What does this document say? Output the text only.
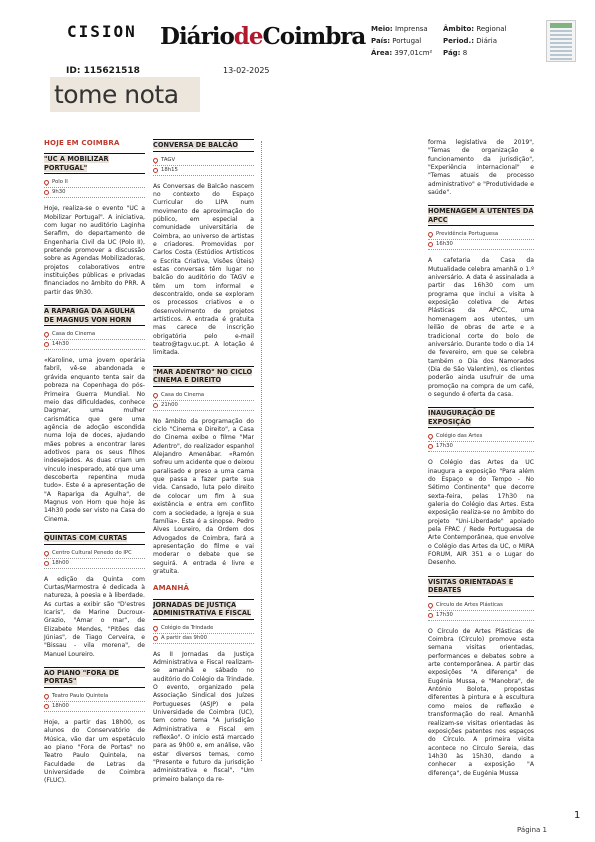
CISION DiáriodeCoimbra Meio: Imprensa
País: Portugal
Área: 397,01cm²
Âmbito: Regional
Period.: Diária
Pág: 8
ID: 115621518	13-02-2025
tome nota
HOJE EM COIMBRA
"UC A MOBILIZAR PORTUGAL"
Polo II
9h30
Hoje, realiza-se o evento "UC a Mobilizar Portugal". A iniciativa, com lugar no auditório Laginha Serafim, do departamento de Engenharia Civil da UC (Polo II), pretende promover a discussão sobre as Agendas Mobilizadoras, projetos colaborativos entre instituições públicas e privadas financiados no âmbito do PRR. A partir das 9h30.
A RAPARIGA DA AGULHA DE MAGNUS VON HORN
Casa do Cinema
14h30
«Karoline, uma jovem operária fabril, vê-se abandonada e grávida enquanto tenta sair da pobreza na Copenhaga do pós-Primeira Guerra Mundial. No meio das dificuldades, conhece Dagmar, uma mulher carismática que gere uma agência de adoção escondida numa loja de doces, ajudando mães pobres a encontrar lares adotivos para os seus filhos indesejados. As duas criam um vínculo inesperado, até que uma descoberta repentina muda tudo». Este é a apresentação de "A Rapariga da Agulha", de Magnus von Horn que hoje às 14h30 pode ser visto na Casa do Cinema.
QUINTAS COM CURTAS
Centro Cultural Penedo do IPC
18h00
A edição da Quinta com Curtas/Marmostra é dedicada à natureza, à poesia e à liberdade. As curtas a exibir são "D'estres Icaris", de Marine Ducroux-Grazio, "Amar o mar", de Elizabete Mendes, "Pitões das Júnias", de Tiago Cerveira, e "Bissau - vila morena", de Manuel Loureiro.
AO PIANO "FORA DE PORTAS"
Teatro Paulo Quintela
18h00
Hoje, a partir das 18h00, os alunos do Conservatório de Música, vão dar um espetáculo ao piano "Fora de Portas" no Teatro Paulo Quintela, na Faculdade de Letras da Universidade de Coimbra (FLUC).
CONVERSA DE BALCÃO
TAGV
18h15
As Conversas de Balcão nascem no contexto do Espaço Curricular do LIPA num movimento de aproximação do público, em especial a comunidade universitária de Coimbra, ao universo de artistas e criadores. Promovidas por Carlos Costa (Estúdios Artísticos e Escrita Criativa, Visões Úteis) estas conversas têm lugar no balcão do auditório do TAGV e têm um tom informal e descontraído, onde se exploram os processos criativos e o desenvolvimento de projetos artísticos. A entrada é gratuita mas carece de inscrição obrigatória pelo e-mail teatro@tagv.uc.pt. A lotação é limitada.
"MAR ADENTRO" NO CICLO CINEMA E DIREITO
Casa do Cinema
21h00
No âmbito da programação do ciclo "Cinema e Direito", a Casa do Cinema exibe o filme "Mar Adentro", do realizador espanhol Alejandro Amenábar. «Ramón sofreu um acidente que o deixou paralisado e preso a uma cama que passa a fazer parte sua vida. Cansado, luta pelo direito de colocar um fim à sua existência e entra em conflito com a sociedade, a Igreja e sua família». Esta é a sinopse. Pedro Alves Loureiro, da Ordem dos Advogados de Coimbra, fará a apresentação do filme e vai moderar o debate que se seguirá. A entrada é livre e gratuita.
AMANHÃ
JORNADAS DE JUSTIÇA ADMINISTRATIVA E FISCAL
Colégio da Trindade
A partir das 9h00
As II Jornadas da Justiça Administrativa e Fiscal realizam-se amanhã e sábado no auditório do Colégio da Trindade. O evento, organizado pela Associação Sindical dos Juízes Portugueses (ASJP) e pela Universidade de Coimbra (UC), tem como tema "A Jurisdição Administrativa e Fiscal em reflexão". O início está marcado para as 9h00 e, em análise, vão estar diversos temas, como "Presente e futuro da jurisdição administrativa e fiscal", "Um primeiro balanço da re-
forma legislativa de 2019", "Temas de organização e funcionamento da jurisdição", "Experiência internacional" e "Temas atuais de processo administrativo" e "Produtividade e saúde".
HOMENAGEM A UTENTES DA APCC
Previdência Portuguesa
16h30
A cafetaria da Casa da Mutualidade celebra amanhã o 1.º aniversário. A data é assinalada a partir das 16h30 com um programa que inclui a visita à exposição coletiva de Artes Plásticas da APCC, uma homenagem aos utentes, um leilão de obras de arte e a tradicional corte do bolo de aniversário. Durante todo o dia 14 de fevereiro, em que se celebra também o Dia dos Namorados (Dia de São Valentim), os clientes poderão ainda usufruir de uma promoção na compra de um café, o segundo é oferta da casa.
INAUGURAÇÃO DE EXPOSIÇÃO
Colégio das Artes
17h30
O Colégio das Artes da UC inaugura a exposição "Para além do Espaço e do Tempo - No Sétimo Continente" que decorre sexta-feira, pelas 17h30 na galeria do Colégio das Artes. Esta exposição realiza-se no âmbito do projeto "Uni-Liberdade" apoiado pela FPAC / Rede Portuguesa de Arte Contemporânea, que envolve o Colégio das Artes da UC, o MIRA FORUM, AIR 351 e o Lugar do Desenho.
VISITAS ORIENTADAS E DEBATES
Círculo de Artes Plásticas
17h30
O Círculo de Artes Plásticas de Coimbra (Círculo) promove esta semana visitas orientadas, performances e debates sobre a arte contemporânea. A partir das exposições "A diferença" de Eugénia Mussa, e "Manobra", de António Bolota, propostas diferentes à pintura e à escultura como meios de reflexão e transformação do real. Amanhã realizam-se visitas orientadas às exposições patentes nos espaços do Círculo. A primeira visita acontece no Círculo Sereia, das 14h30 às 15h30, dando a conhecer a exposição "A diferença", de Eugénia Mussa
1
Página 1
